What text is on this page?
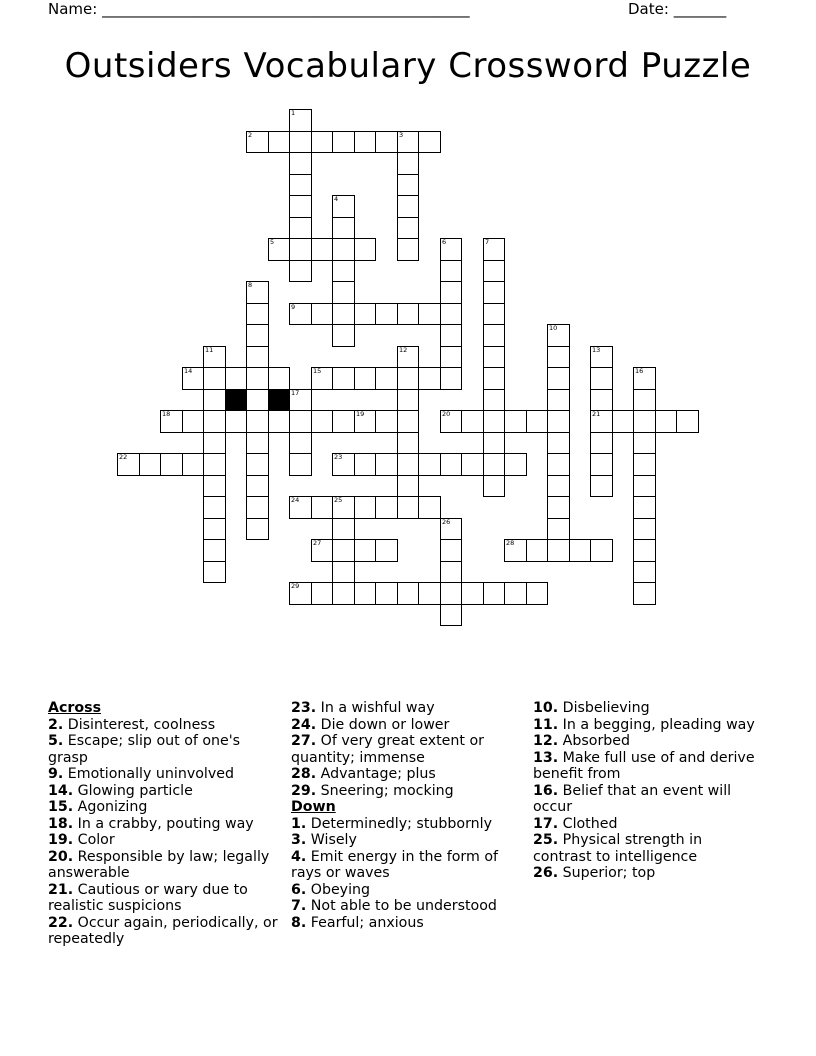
Name: _________________________________________________	Date: _______
Outsiders Vocabulary Crossword Puzzle
1
2	3
4
5	6	7
8
9
10
11	12	13
21
14	15	16
17
18	19	20
22	23
24	25
26
27	28
29
Across
2. Disinterest, coolness
5. Escape; slip out of one's grasp
9. Emotionally uninvolved
14. Glowing particle
15. Agonizing
18. In a crabby, pouting way
19. Color
20. Responsible by law; legally answerable
21. Cautious or wary due to realistic suspicions
22. Occur again, periodically, or repeatedly
23. In a wishful way
24. Die down or lower
27. Of very great extent or quantity; immense
28. Advantage; plus
29. Sneering; mocking
Down
1. Determinedly; stubbornly
3. Wisely
4. Emit energy in the form of rays or waves
6. Obeying
7. Not able to be understood
8. Fearful; anxious
10. Disbelieving
11. In a begging, pleading way
12. Absorbed
13. Make full use of and derive benefit from
16. Belief that an event will occur
17. Clothed
25. Physical strength in contrast to intelligence
26. Superior; top
